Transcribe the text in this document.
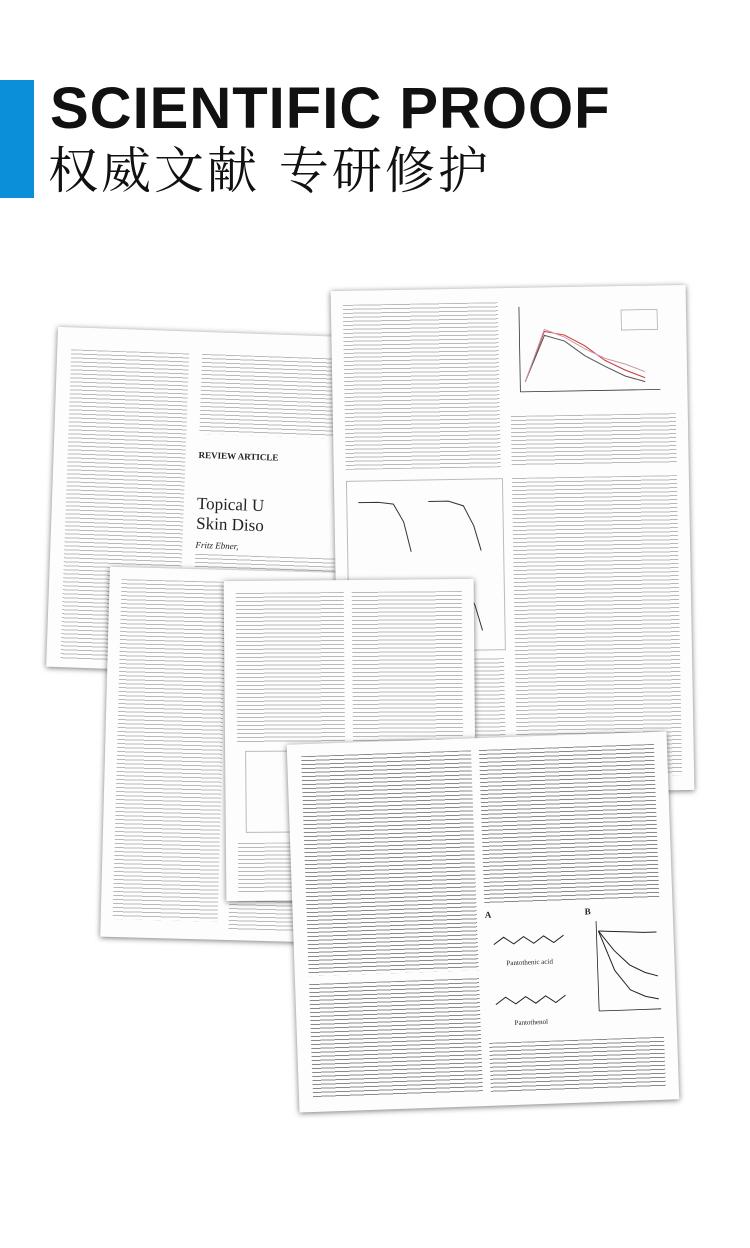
SCIENTIFIC PROOF
权威文献 专研修护
REVIEW ARTICLE
Topical U
Skin Diso
Fritz Ebner,
A
Pantothenic acid
Pantothenol
B
